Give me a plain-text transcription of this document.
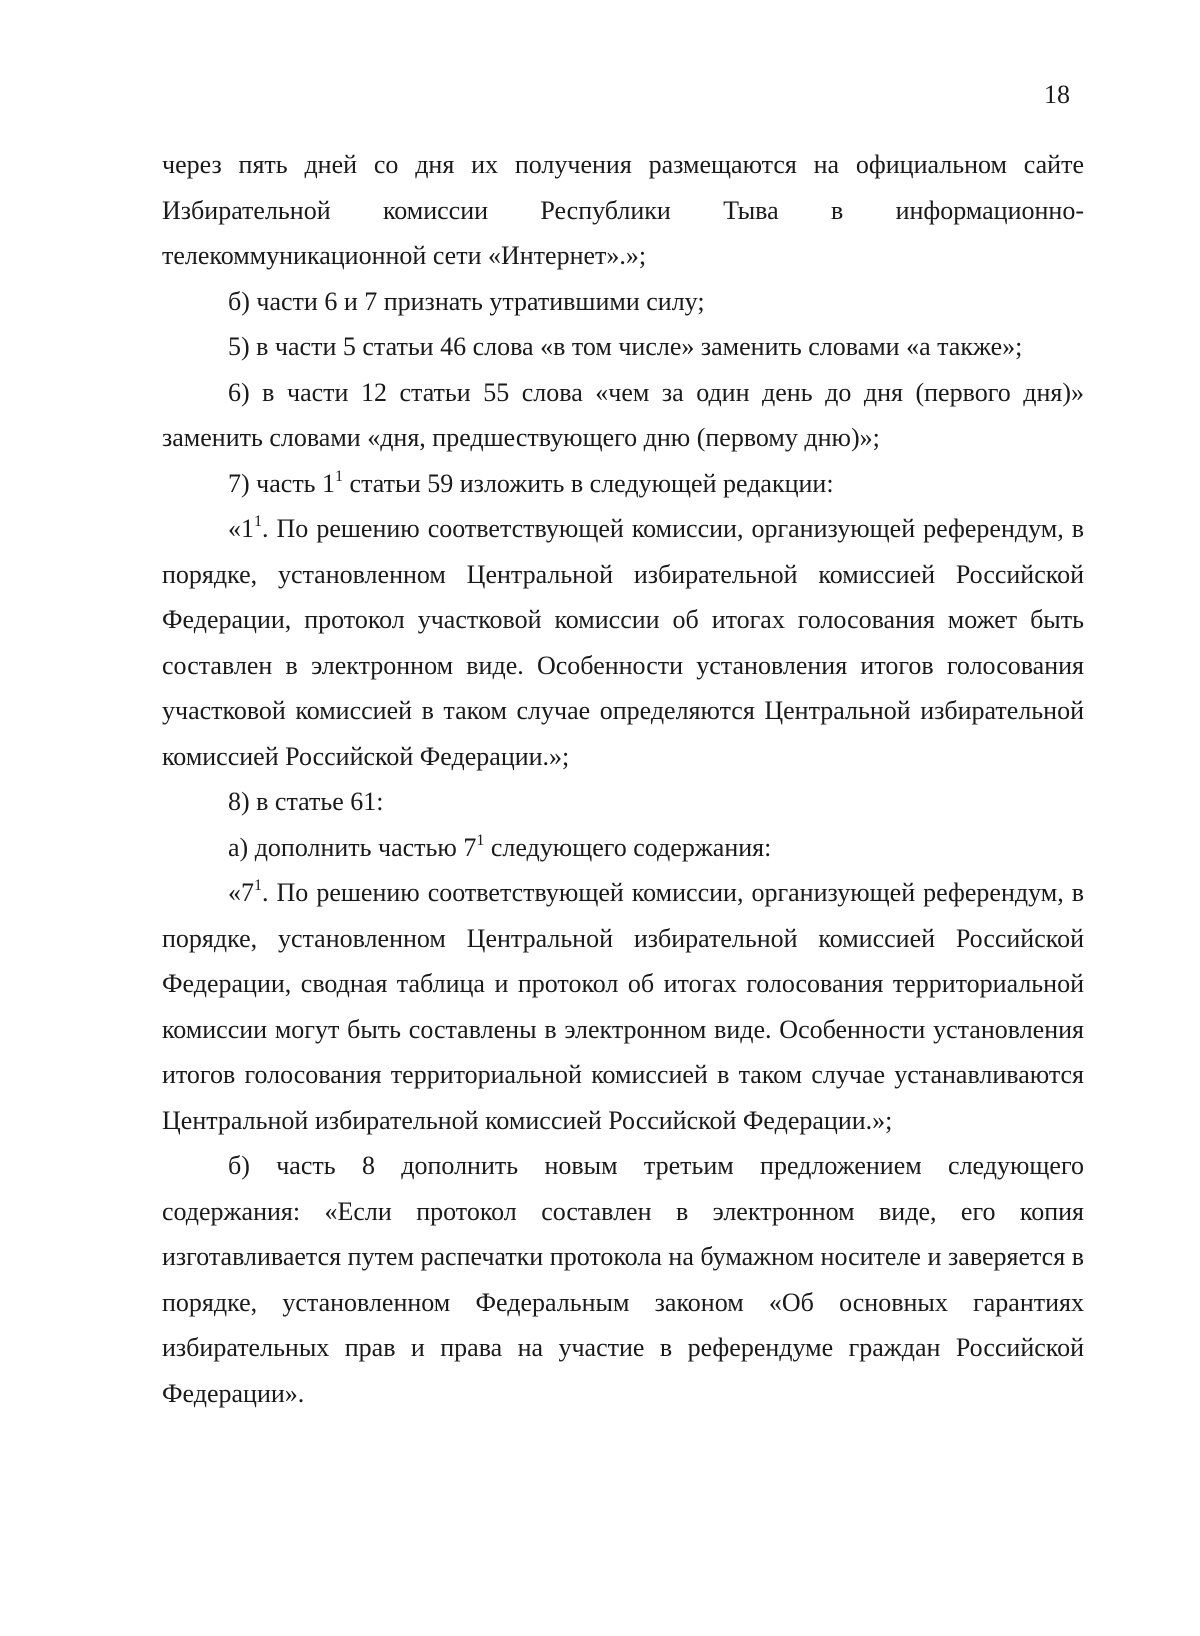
18

через пять дней со дня их получения размещаются на официальном сайте Избирательной комиссии Республики Тыва в информационно-телекоммуникационной сети «Интернет».»;

б) части 6 и 7 признать утратившими силу;

5) в части 5 статьи 46 слова «в том числе» заменить словами «а также»;

6) в части 12 статьи 55 слова «чем за один день до дня (первого дня)» заменить словами «дня, предшествующего дню (первому дню)»;

7) часть $1^1$ статьи 59 изложить в следующей редакции:

«$1^1$. По решению соответствующей комиссии, организующей референдум, в порядке, установленном Центральной избирательной комиссией Российской Федерации, протокол участковой комиссии об итогах голосования может быть составлен в электронном виде. Особенности установления итогов голосования участковой комиссией в таком случае определяются Центральной избирательной комиссией Российской Федерации.»;

8) в статье 61:

а) дополнить частью $7^1$ следующего содержания:

«$7^1$. По решению соответствующей комиссии, организующей референдум, в порядке, установленном Центральной избирательной комиссией Российской Федерации, сводная таблица и протокол об итогах голосования территориальной комиссии могут быть составлены в электронном виде. Особенности установления итогов голосования территориальной комиссией в таком случае устанавливаются Центральной избирательной комиссией Российской Федерации.»;

б) часть 8 дополнить новым третьим предложением следующего содержания: «Если протокол составлен в электронном виде, его копия изготавливается путем распечатки протокола на бумажном носителе и заверяется в порядке, установленном Федеральным законом «Об основных гарантиях избирательных прав и права на участие в референдуме граждан Российской Федерации».
